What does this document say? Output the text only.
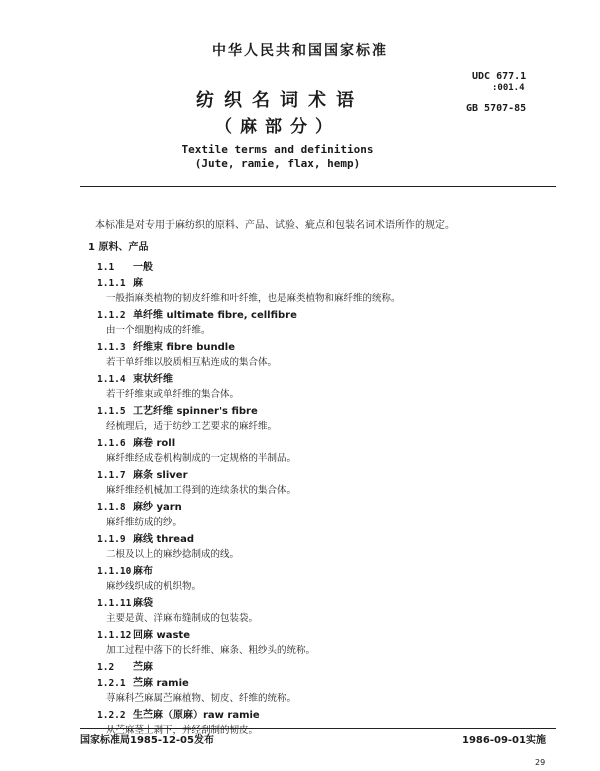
中华人民共和国国家标准
UDC 677.1
:001.4
GB 5707-85
纺织名词术语
（麻部分）
Textile terms and definitions
(Jute, ramie, flax, hemp)
本标准是对专用于麻纺织的原料、产品、试验、疵点和包装名词术语所作的规定。
1 原料、产品
1.1 一般
1.1.1 麻
一般指麻类植物的韧皮纤维和叶纤维，也是麻类植物和麻纤维的统称。
1.1.2 单纤维 ultimate fibre, cellfibre
由一个细胞构成的纤维。
1.1.3 纤维束 fibre bundle
若干单纤维以胶质相互粘连成的集合体。
1.1.4 束状纤维
若干纤维束或单纤维的集合体。
1.1.5 工艺纤维 spinner's fibre
经梳理后，适于纺纱工艺要求的麻纤维。
1.1.6 麻卷 roll
麻纤维经成卷机构制成的一定规格的半制品。
1.1.7 麻条 sliver
麻纤维经机械加工得到的连续条状的集合体。
1.1.8 麻纱 yarn
麻纤维纺成的纱。
1.1.9 麻线 thread
二根及以上的麻纱捻制成的线。
1.1.10 麻布
麻纱线织成的机织物。
1.1.11 麻袋
主要是黄、洋麻布缝制成的包装袋。
1.1.12 回麻 waste
加工过程中落下的长纤维、麻条、粗纱头的统称。
1.2 苎麻
1.2.1 苎麻 ramie
荨麻科苎麻属苎麻植物、韧皮、纤维的统称。
1.2.2 生苎麻（原麻）raw ramie
从苎麻茎上剥下，并经刮制的韧皮。
国家标准局1985-12-05发布	1986-09-01实施
29
